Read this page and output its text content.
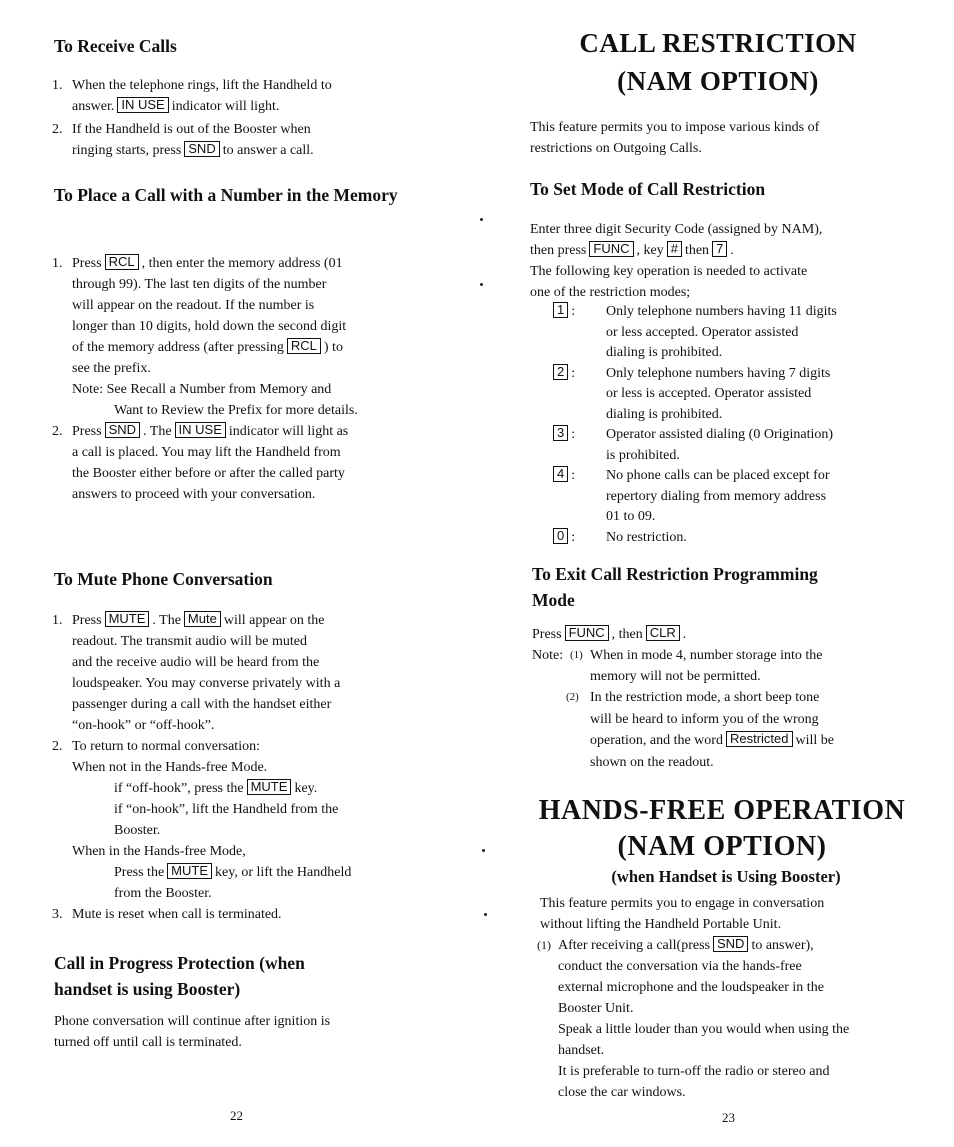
To Receive Calls
1. When the telephone rings, lift the Handheld to
answer. IN USE indicator will light.
2. If the Handheld is out of the Booster when
ringing starts, press SND to answer a call.
To Place a Call with a Number in the Memory
1. Press RCL , then enter the memory address (01
through 99). The last ten digits of the number
will appear on the readout. If the number is
longer than 10 digits, hold down the second digit
of the memory address (after pressing RCL ) to
see the prefix.
Note: See Recall a Number from Memory and
Want to Review the Prefix for more details.
2. Press SND . The IN USE indicator will light as
a call is placed. You may lift the Handheld from
the Booster either before or after the called party
answers to proceed with your conversation.
To Mute Phone Conversation
1. Press MUTE . The Mute will appear on the
readout. The transmit audio will be muted
and the receive audio will be heard from the
loudspeaker. You may converse privately with a
passenger during a call with the handset either
“on-hook” or “off-hook”.
2. To return to normal conversation:
When not in the Hands-free Mode.
if “off-hook”, press the MUTE key.
if “on-hook”, lift the Handheld from the
Booster.
When in the Hands-free Mode,
Press the MUTE key, or lift the Handheld
from the Booster.
3. Mute is reset when call is terminated.
Call in Progress Protection (when
handset is using Booster)
Phone conversation will continue after ignition is
turned off until call is terminated.
22
CALL RESTRICTION
(NAM OPTION)
This feature permits you to impose various kinds of
restrictions on Outgoing Calls.
To Set Mode of Call Restriction
Enter three digit Security Code (assigned by NAM),
then press FUNC , key # then 7 .
The following key operation is needed to activate
one of the restriction modes;
1 : Only telephone numbers having 11 digits
or less accepted. Operator assisted
dialing is prohibited.
2 : Only telephone numbers having 7 digits
or less is accepted. Operator assisted
dialing is prohibited.
3 : Operator assisted dialing (0 Origination)
is prohibited.
4 : No phone calls can be placed except for
repertory dialing from memory address
01 to 09.
0 : No restriction.
To Exit Call Restriction Programming
Mode
Press FUNC , then CLR .
Note: (1) When in mode 4, number storage into the
memory will not be permitted.
(2) In the restriction mode, a short beep tone
will be heard to inform you of the wrong
operation, and the word Restricted will be
shown on the readout.
HANDS-FREE OPERATION
(NAM OPTION)
(when Handset is Using Booster)
This feature permits you to engage in conversation
without lifting the Handheld Portable Unit.
(1) After receiving a call(press SND to answer),
conduct the conversation via the hands-free
external microphone and the loudspeaker in the
Booster Unit.
Speak a little louder than you would when using the
handset.
It is preferable to turn-off the radio or stereo and
close the car windows.
23
